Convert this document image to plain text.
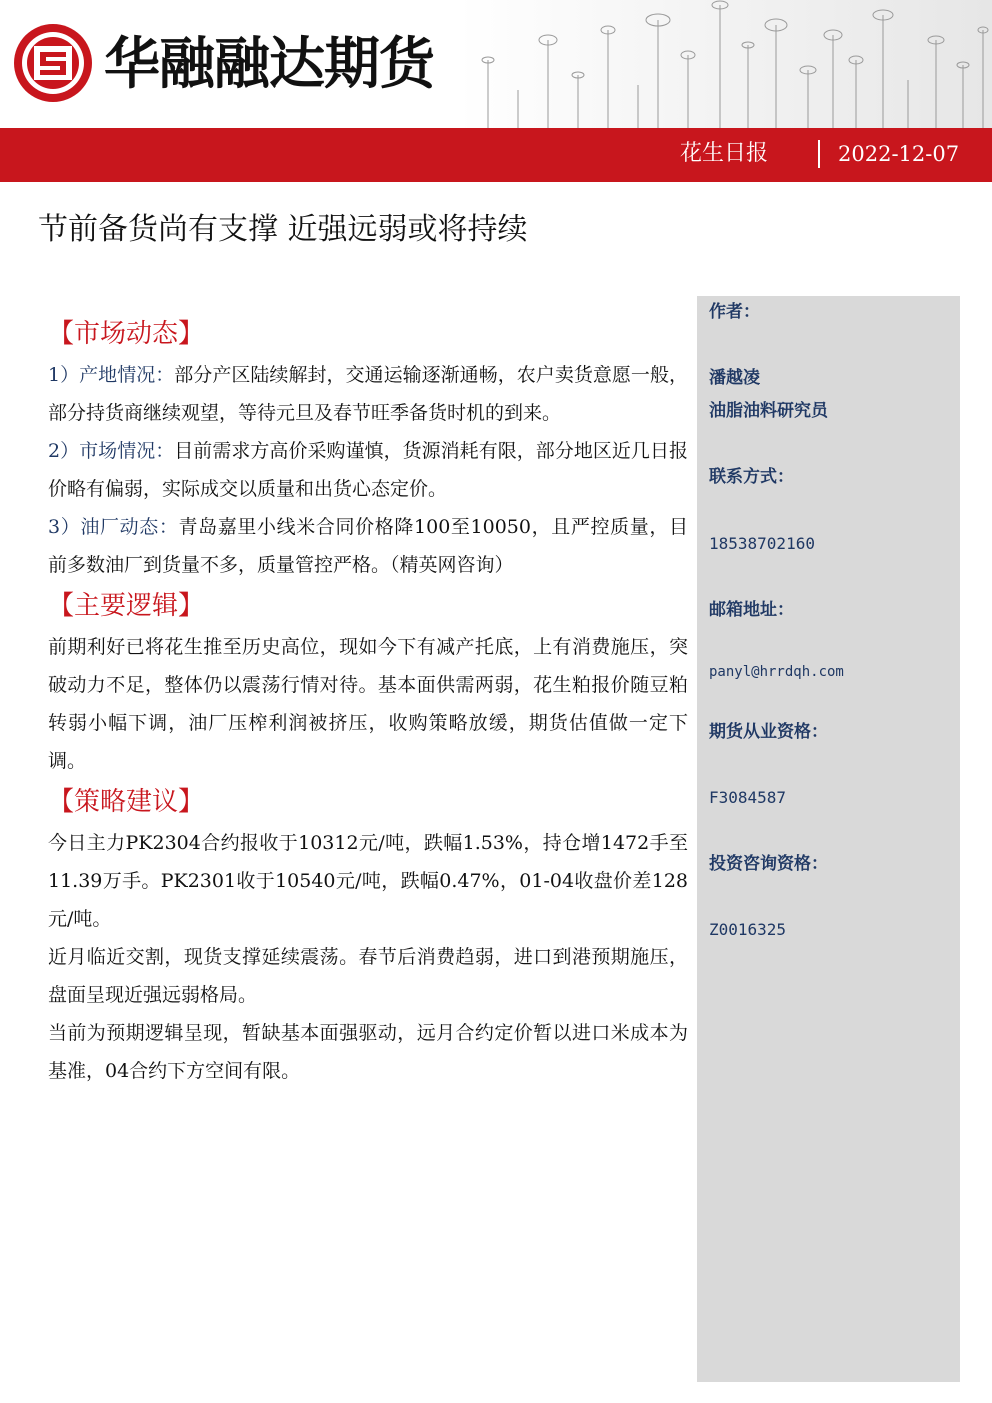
华融融达期货
花生日报	2022-12-07
节前备货尚有支撑 近强远弱或将持续
作者：
潘越凌
油脂油料研究员
联系方式：
18538702160
邮箱地址：
panyl@hrrdqh.com
期货从业资格：
F3084587
投资咨询资格：
Z0016325
【市场动态】

1）产地情况：部分产区陆续解封，交通运输逐渐通畅，农户卖货意愿一般，部分持货商继续观望，等待元旦及春节旺季备货时机的到来。

2）市场情况：目前需求方高价采购谨慎，货源消耗有限，部分地区近几日报价略有偏弱，实际成交以质量和出货心态定价。

3）油厂动态：青岛嘉里小线米合同价格降100至10050，且严控质量，目前多数油厂到货量不多，质量管控严格。（精英网咨询）

【主要逻辑】

前期利好已将花生推至历史高位，现如今下有减产托底，上有消费施压，突破动力不足，整体仍以震荡行情对待。基本面供需两弱，花生粕报价随豆粕转弱小幅下调，油厂压榨利润被挤压，收购策略放缓，期货估值做一定下调。

【策略建议】

今日主力PK2304合约报收于10312元/吨，跌幅1.53%，持仓增1472手至11.39万手。PK2301收于10540元/吨，跌幅0.47%，01-04收盘价差128元/吨。

近月临近交割，现货支撑延续震荡。春节后消费趋弱，进口到港预期施压，盘面呈现近强远弱格局。

当前为预期逻辑呈现，暂缺基本面强驱动，远月合约定价暂以进口米成本为基准，04合约下方空间有限。
